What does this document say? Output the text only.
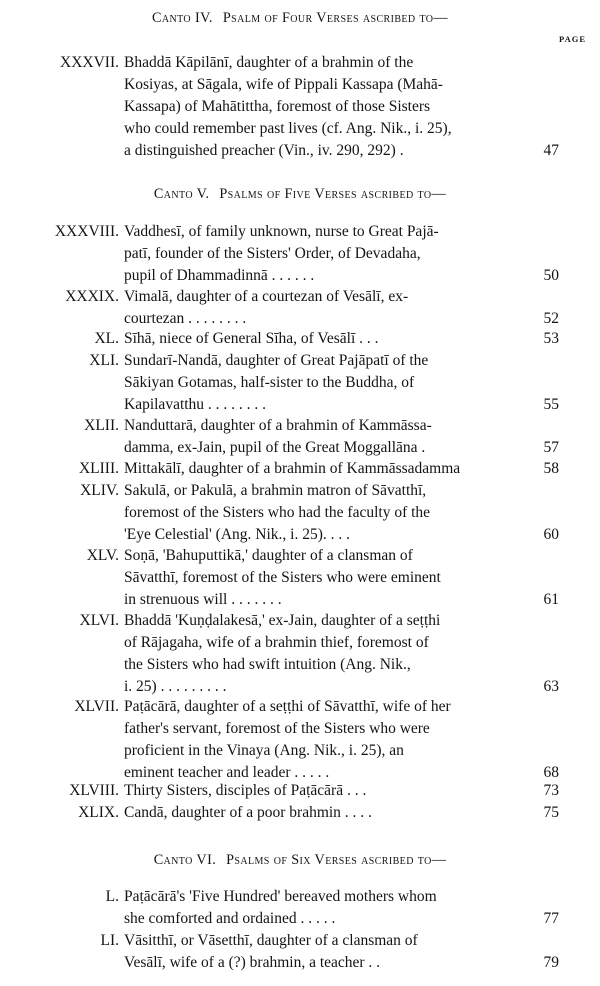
Canto IV. Psalm of Four Verses ascribed to—
PAGE
XXXVII. Bhaddā Kāpilānī, daughter of a brahmin of the
Kosiyas, at Sāgala, wife of Pippali Kassapa (Mahā-
Kassapa) of Mahātittha, foremost of those Sisters
who could remember past lives (cf. Ang. Nik., i. 25),
a distinguished preacher (Vin., iv. 290, 292) .	47
Canto V. Psalms of Five Verses ascribed to—
XXXVIII. Vaddhesī, of family unknown, nurse to Great Pajā-
patī, founder of the Sisters' Order, of Devadaha,
pupil of Dhammadinnā . . . . . .	50
XXXIX. Vimalā, daughter of a courtezan of Vesālī, ex-
courtezan . . . . . . . .	52
XL. Sīhā, niece of General Sīha, of Vesālī . . .	53
XLI. Sundarī-Nandā, daughter of Great Pajāpatī of the
Sākiyan Gotamas, half-sister to the Buddha, of
Kapilavatthu . . . . . . . .	55
XLII. Nanduttarā, daughter of a brahmin of Kammāssa-
damma, ex-Jain, pupil of the Great Moggallāna .	57
XLIII. Mittakālī, daughter of a brahmin of Kammāssadamma	58
XLIV. Sakulā, or Pakulā, a brahmin matron of Sāvatthī,
foremost of the Sisters who had the faculty of the
'Eye Celestial' (Ang. Nik., i. 25). . . .	60
XLV. Soṇā, 'Bahuputtikā,' daughter of a clansman of
Sāvatthī, foremost of the Sisters who were eminent
in strenuous will . . . . . . .	61
XLVI. Bhaddā 'Kuṇḍalakesā,' ex-Jain, daughter of a seṭṭhi
of Rājagaha, wife of a brahmin thief, foremost of
the Sisters who had swift intuition (Ang. Nik.,
i. 25) . . . . . . . . .	63
XLVII. Paṭācārā, daughter of a seṭṭhi of Sāvatthī, wife of her
father's servant, foremost of the Sisters who were
proficient in the Vinaya (Ang. Nik., i. 25), an
eminent teacher and leader . . . . .	68
XLVIII. Thirty Sisters, disciples of Paṭācārā . . .	73
XLIX. Candā, daughter of a poor brahmin . . . .	75
Canto VI. Psalms of Six Verses ascribed to—
L. Paṭācārā's 'Five Hundred' bereaved mothers whom
she comforted and ordained . . . . .	77
LI. Vāsitthī, or Vāsetthī, daughter of a clansman of
Vesālī, wife of a (?) brahmin, a teacher . .	79
